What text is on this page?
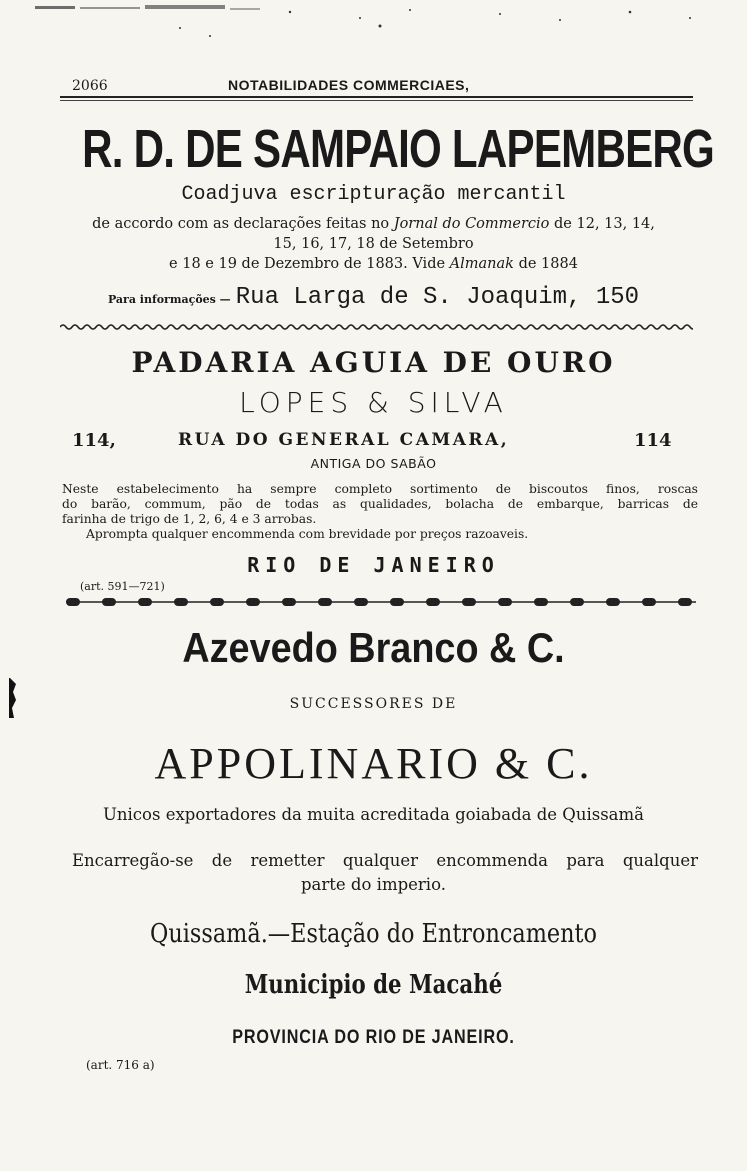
2066	NOTABILIDADES COMMERCIAES,
R. D. DE SAMPAIO LAPEMBERG
Coadjuva escripturação mercantil
de accordo com as declarações feitas no Jornal do Commercio de 12, 13, 14,
15, 16, 17, 18 de Setembro
e 18 e 19 de Dezembro de 1883. Vide Almanak de 1884
Para informações — Rua Larga de S. Joaquim, 150
PADARIA AGUIA DE OURO
LOPES & SILVA
114,	RUA DO GENERAL CAMARA,	114
ANTIGA DO SABÃO
Neste estabelecimento ha sempre completo sortimento de biscoutos finos, roscas
do barão, commum, pão de todas as qualidades, bolacha de embarque, barricas de
farinha de trigo de 1, 2, 6, 4 e 3 arrobas.
Apromptа qualquer encommenda com brevidade por preços razoaveis.
RIO DE JANEIRO
(art. 591—721)
Azevedo Branco & C.
SUCCESSORES DE
APPOLINARIO & C.
Unicos exportadores da muita acreditada goiabada de Quissamã
Encarregão-se de remetter qualquer encommenda para qualquer
parte do imperio.
Quissamã.—Estação do Entroncamento
Municipio de Macahé
PROVINCIA DO RIO DE JANEIRO.
(art. 716 a)
